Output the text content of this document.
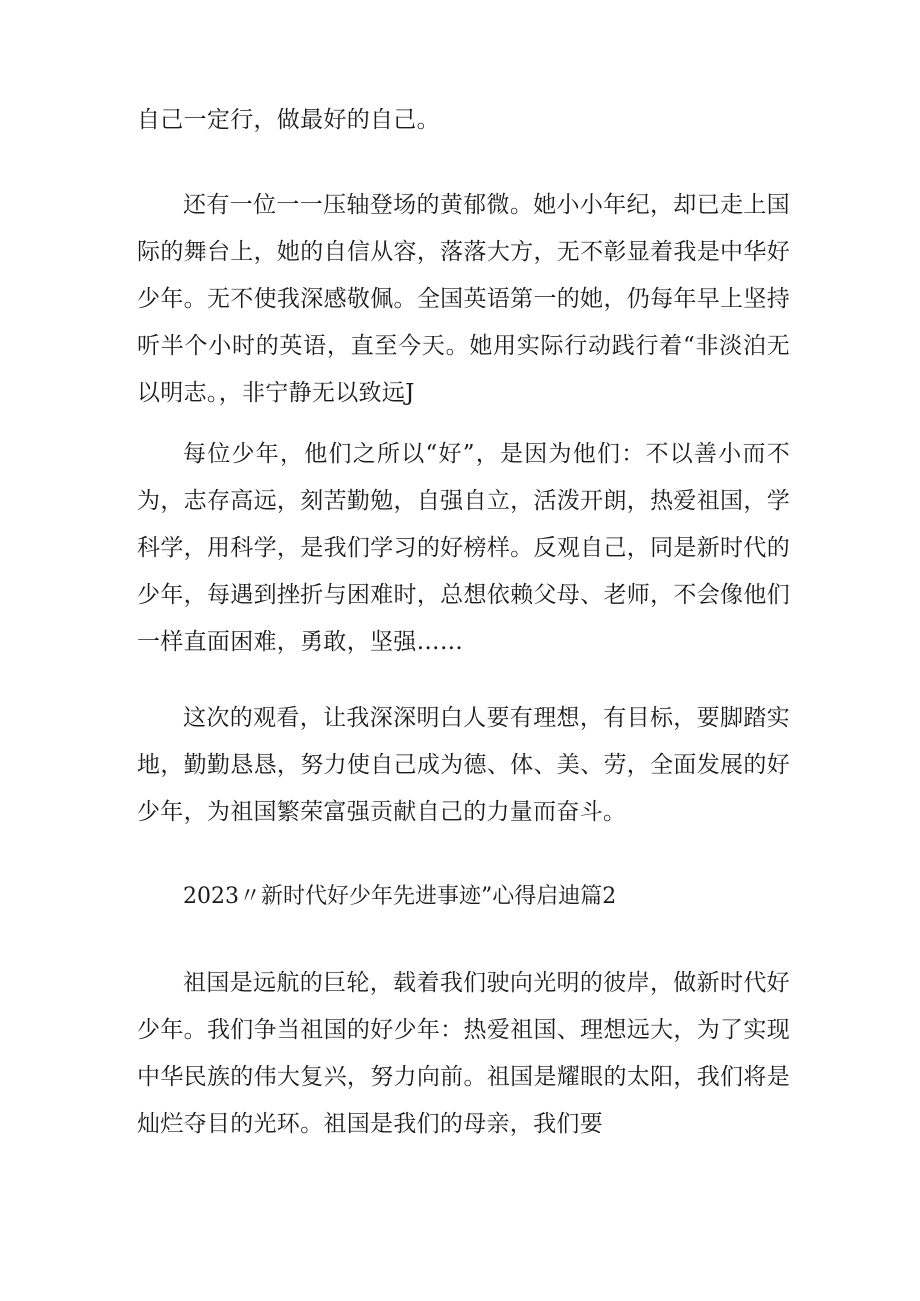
自己一定行，做最好的自己。

还有一位一一压轴登场的黄郁微。她小小年纪，却已走上国际的舞台上，她的自信从容，落落大方，无不彰显着我是中华好少年。无不使我深感敬佩。全国英语第一的她，仍每年早上坚持听半个小时的英语，直至今天。她用实际行动践行着“非淡泊无以明志。，非宁静无以致远J

每位少年，他们之所以“好”，是因为他们：不以善小而不为，志存高远，刻苦勤勉，自强自立，活泼开朗，热爱祖国，学科学，用科学，是我们学习的好榜样。反观自己，同是新时代的少年，每遇到挫折与困难时，总想依赖父母、老师，不会像他们一样直面困难，勇敢，坚强……

这次的观看，让我深深明白人要有理想，有目标，要脚踏实地，勤勤恳恳，努力使自己成为德、体、美、劳，全面发展的好少年，为祖国繁荣富强贡献自己的力量而奋斗。

2023〃新时代好少年先进事迹”心得启迪篇2

祖国是远航的巨轮，载着我们驶向光明的彼岸，做新时代好少年。我们争当祖国的好少年：热爱祖国、理想远大，为了实现中华民族的伟大复兴，努力向前。祖国是耀眼的太阳，我们将是灿烂夺目的光环。祖国是我们的母亲，我们要
